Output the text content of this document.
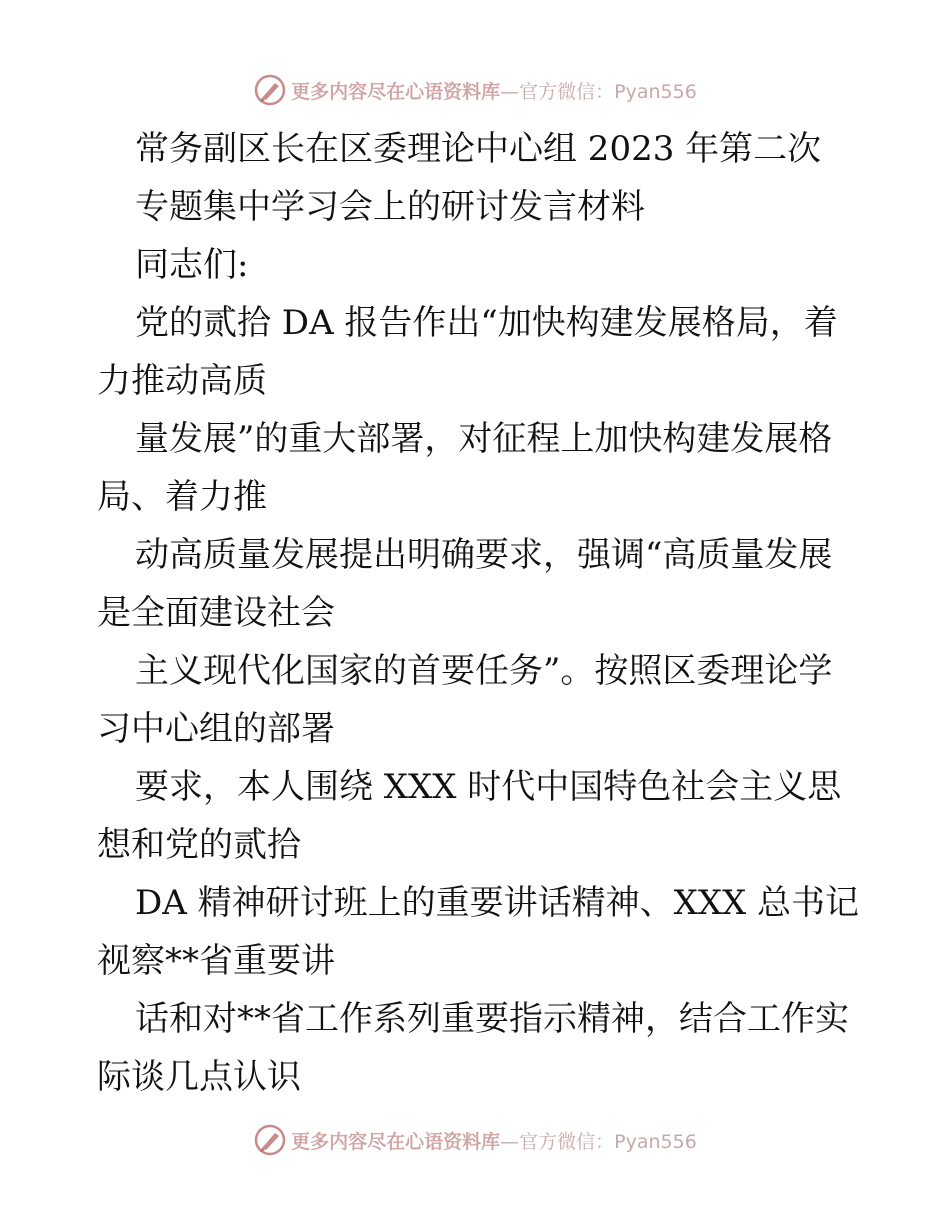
更多内容尽在心语资料库—官方微信：Pyan556
常务副区长在区委理论中心组 2023 年第二次
专题集中学习会上的研讨发言材料
同志们:
党的贰拾 DA 报告作出“加快构建发展格局，着
力推动高质
量发展”的重大部署，对征程上加快构建发展格
局、着力推
动高质量发展提出明确要求，强调“高质量发展
是全面建设社会
主义现代化国家的首要任务”。按照区委理论学
习中心组的部署
要求，本人围绕 XXX 时代中国特色社会主义思
想和党的贰拾
DA 精神研讨班上的重要讲话精神、XXX 总书记
视察**省重要讲
话和对**省工作系列重要指示精神，结合工作实
际谈几点认识
更多内容尽在心语资料库—官方微信：Pyan556
